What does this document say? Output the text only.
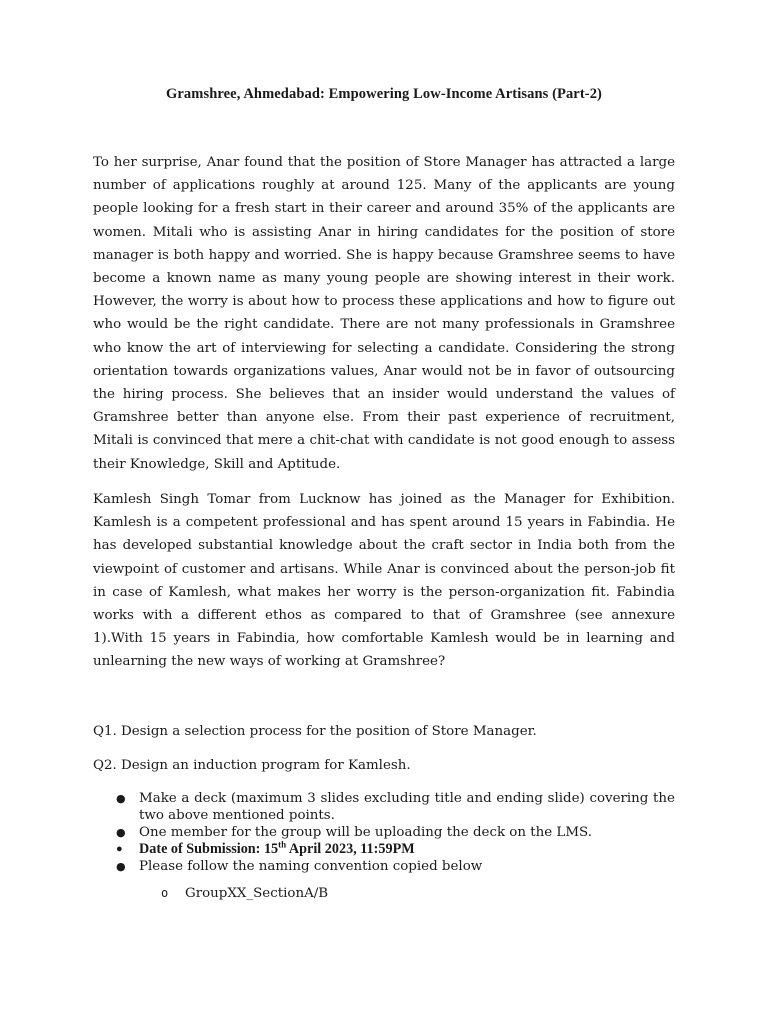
Gramshree, Ahmedabad: Empowering Low-Income Artisans (Part-2)

To her surprise, Anar found that the position of Store Manager has attracted a large number of applications roughly at around 125. Many of the applicants are young people looking for a fresh start in their career and around 35% of the applicants are women. Mitali who is assisting Anar in hiring candidates for the position of store manager is both happy and worried. She is happy because Gramshree seems to have become a known name as many young people are showing interest in their work. However, the worry is about how to process these applications and how to figure out who would be the right candidate. There are not many professionals in Gramshree who know the art of interviewing for selecting a candidate. Considering the strong orientation towards organizations values, Anar would not be in favor of outsourcing the hiring process. She believes that an insider would understand the values of Gramshree better than anyone else. From their past experience of recruitment, Mitali is convinced that mere a chit-chat with candidate is not good enough to assess their Knowledge, Skill and Aptitude.

Kamlesh Singh Tomar from Lucknow has joined as the Manager for Exhibition. Kamlesh is a competent professional and has spent around 15 years in Fabindia. He has developed substantial knowledge about the craft sector in India both from the viewpoint of customer and artisans. While Anar is convinced about the person-job fit in case of Kamlesh, what makes her worry is the person-organization fit. Fabindia works with a different ethos as compared to that of Gramshree (see annexure 1).With 15 years in Fabindia, how comfortable Kamlesh would be in learning and unlearning the new ways of working at Gramshree?

Q1. Design a selection process for the position of Store Manager.

Q2. Design an induction program for Kamlesh.

● Make a deck (maximum 3 slides excluding title and ending slide) covering the two above mentioned points.
● One member for the group will be uploading the deck on the LMS.
● Date of Submission: 15th April 2023, 11:59PM
● Please follow the naming convention copied below
o GroupXX_SectionA/B
